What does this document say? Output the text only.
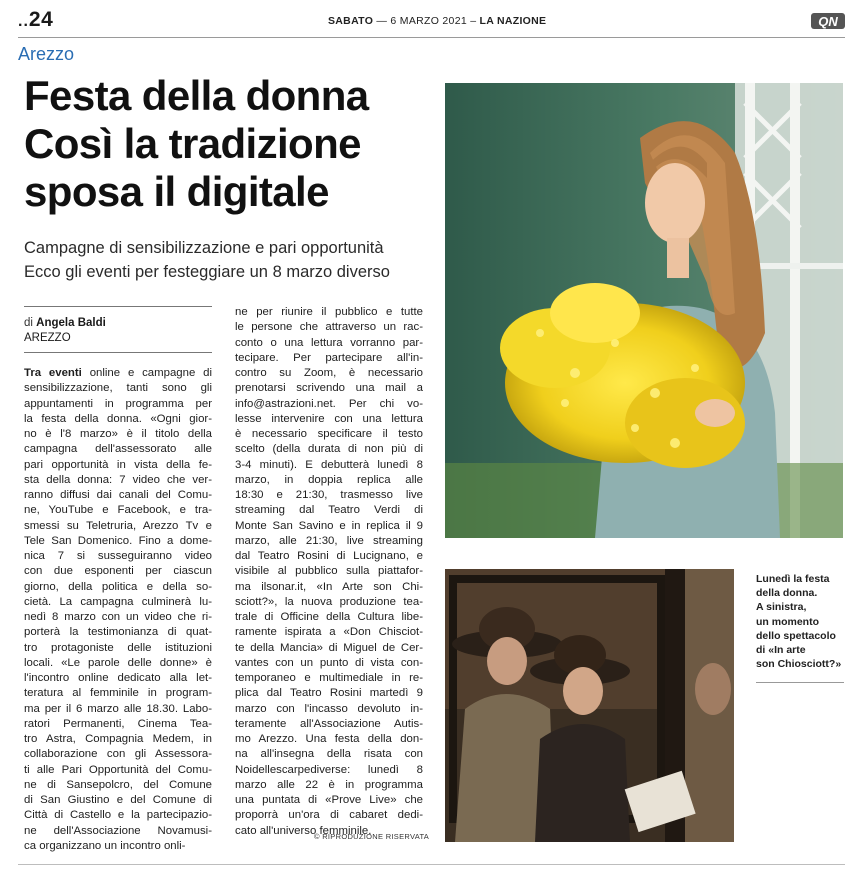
..24	SABATO — 6 MARZO 2021 – LA NAZIONE	QN
Arezzo
Festa della donna
Così la tradizione
sposa il digitale
Campagne di sensibilizzazione e pari opportunità
Ecco gli eventi per festeggiare un 8 marzo diverso
di Angela Baldi
AREZZO
Tra eventi online e campagne di
sensibilizzazione, tanti sono gli
appuntamenti in programma per
la festa della donna. «Ogni gior-
no è l'8 marzo» è il titolo della
campagna dell'assessorato alle
pari opportunità in vista della fe-
sta della donna: 7 video che ver-
ranno diffusi dai canali del Comu-
ne, YouTube e Facebook, e tra-
smessi su Teletruria, Arezzo Tv e
Tele San Domenico. Fino a dome-
nica 7 si susseguiranno video
con due esponenti per ciascun
giorno, della politica e della so-
cietà. La campagna culminerà lu-
nedì 8 marzo con un video che ri-
porterà la testimonianza di quat-
tro protagoniste delle istituzioni
locali. «Le parole delle donne» è
l'incontro online dedicato alla let-
teratura al femminile in program-
ma per il 6 marzo alle 18.30. Labo-
ratori Permanenti, Cinema Tea-
tro Astra, Compagnia Medem, in
collaborazione con gli Assessora-
ti alle Pari Opportunità del Comu-
ne di Sansepolcro, del Comune
di San Giustino e del Comune di
Città di Castello e la partecipazio-
ne dell'Associazione Novamusi-
ca organizzano un incontro onli-
ne per riunire il pubblico e tutte
le persone che attraverso un rac-
conto o una lettura vorranno par-
tecipare. Per partecipare all'in-
contro su Zoom, è necessario
prenotarsi scrivendo una mail a
info@astrazioni.net. Per chi vo-
lesse intervenire con una lettura
è necessario specificare il testo
scelto (della durata di non più di
3-4 minuti). E debutterà lunedì 8
marzo, in doppia replica alle
18:30 e 21:30, trasmesso live
streaming dal Teatro Verdi di
Monte San Savino e in replica il 9
marzo, alle 21:30, live streaming
dal Teatro Rosini di Lucignano, e
visibile al pubblico sulla piattafor-
ma ilsonar.it, «In Arte son Chi-
sciott?», la nuova produzione tea-
trale di Officine della Cultura libe-
ramente ispirata a «Don Chisciot-
te della Mancia» di Miguel de Cer-
vantes con un punto di vista con-
temporaneo e multimediale in re-
plica dal Teatro Rosini martedì 9
marzo con l'incasso devoluto in-
teramente all'Associazione Autis-
mo Arezzo. Una festa della don-
na all'insegna della risata con
Noidellescarpediverse: lunedì 8
marzo alle 22 è in programma
una puntata di «Prove Live» che
proporrà un'ora di cabaret dedi-
cato all'universo femminile.
© RIPRODUZIONE RISERVATA
Lunedì la festa
della donna.
A sinistra,
un momento
dello spettacolo
di «In arte
son Chiosciott?»
